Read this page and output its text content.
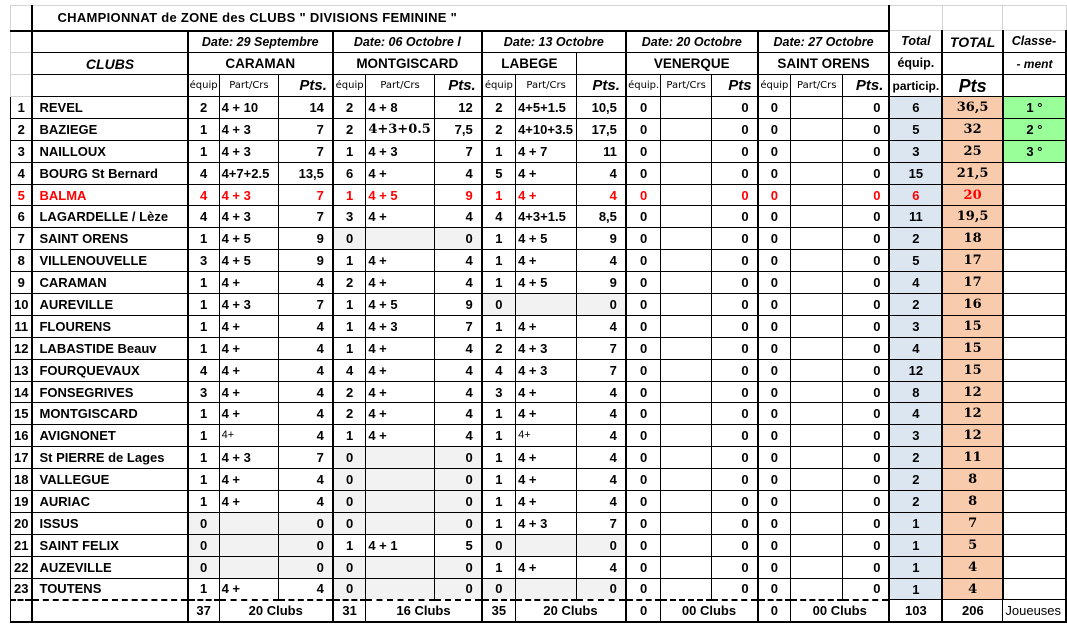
	CHAMPIONNAT de ZONE des CLUBS " DIVISIONS FEMININE "																		
		Date: 29 Septembre			Date: 06 Octobre l			Date: 13 Octobre			Date: 20 Octobre			Date: 27 Octobre			Total	TOTAL	Classe-
	CLUBS	CARAMAN			MONTGISCARD			LABEGE			VENERQUE			SAINT ORENS			équip.		- ment
		équip	Part/Crs	Pts.	équip	Part/Crs	Pts.	équip	Part/Crs	Pts.	équip.	Part/Crs	Pts	équip	Part/Crs	Pts.	particip.	Pts	
1	REVEL	2	4 + 10	14	2	4 + 8	12	2	4+5+1.5	10,5	0		0	0		0	6	36,5	1 °
2	BAZIEGE	1	4 + 3	7	2	4+3+0.5	7,5	2	4+10+3.5	17,5	0		0	0		0	5	32	2 °
3	NAILLOUX	1	4 + 3	7	1	4 + 3	7	1	4 + 7	11	0		0	0		0	3	25	3 °
4	BOURG St Bernard	4	4+7+2.5	13,5	6	4 +	4	5	4 +	4	0		0	0		0	15	21,5	
5	BALMA	4	4 + 3	7	1	4 + 5	9	1	4 +	4	0		0	0		0	6	20	
6	LAGARDELLE / Lèze	4	4 + 3	7	3	4 +	4	4	4+3+1.5	8,5	0		0	0		0	11	19,5	
7	SAINT ORENS	1	4 + 5	9	0		0	1	4 + 5	9	0		0	0		0	2	18	
8	VILLENOUVELLE	3	4 + 5	9	1	4 +	4	1	4 +	4	0		0	0		0	5	17	
9	CARAMAN	1	4 +	4	2	4 +	4	1	4 + 5	9	0		0	0		0	4	17	
10	AUREVILLE	1	4 + 3	7	1	4 + 5	9	0		0	0		0	0		0	2	16	
11	FLOURENS	1	4 +	4	1	4 + 3	7	1	4 +	4	0		0	0		0	3	15	
12	LABASTIDE Beauv	1	4 +	4	1	4 +	4	2	4 + 3	7	0		0	0		0	4	15	
13	FOURQUEVAUX	4	4 +	4	4	4 +	4	4	4 + 3	7	0		0	0		0	12	15	
14	FONSEGRIVES	3	4 +	4	2	4 +	4	3	4 +	4	0		0	0		0	8	12	
15	MONTGISCARD	1	4 +	4	2	4 +	4	1	4 +	4	0		0	0		0	4	12	
16	AVIGNONET	1	4+	4	1	4 +	4	1	4+	4	0		0	0		0	3	12	
17	St PIERRE de Lages	1	4 + 3	7	0		0	1	4 +	4	0		0	0		0	2	11	
18	VALLEGUE	1	4 +	4	0		0	1	4 +	4	0		0	0		0	2	8	
19	AURIAC	1	4 +	4	0		0	1	4 +	4	0		0	0		0	2	8	
20	ISSUS	0		0	0		0	1	4 + 3	7	0		0	0		0	1	7	
21	SAINT FELIX	0		0	1	4 + 1	5	0		0	0		0	0		0	1	5	
22	AUZEVILLE	0		0	0		0	1	4 +	4	0		0	0		0	1	4	
23	TOUTENS	1	4 +	4	0		0	0		0	0		0	0		0	1	4	
		37	20 Clubs		31	16 Clubs		35	20 Clubs		0	00 Clubs		0	00 Clubs		103	206	Joueuses
